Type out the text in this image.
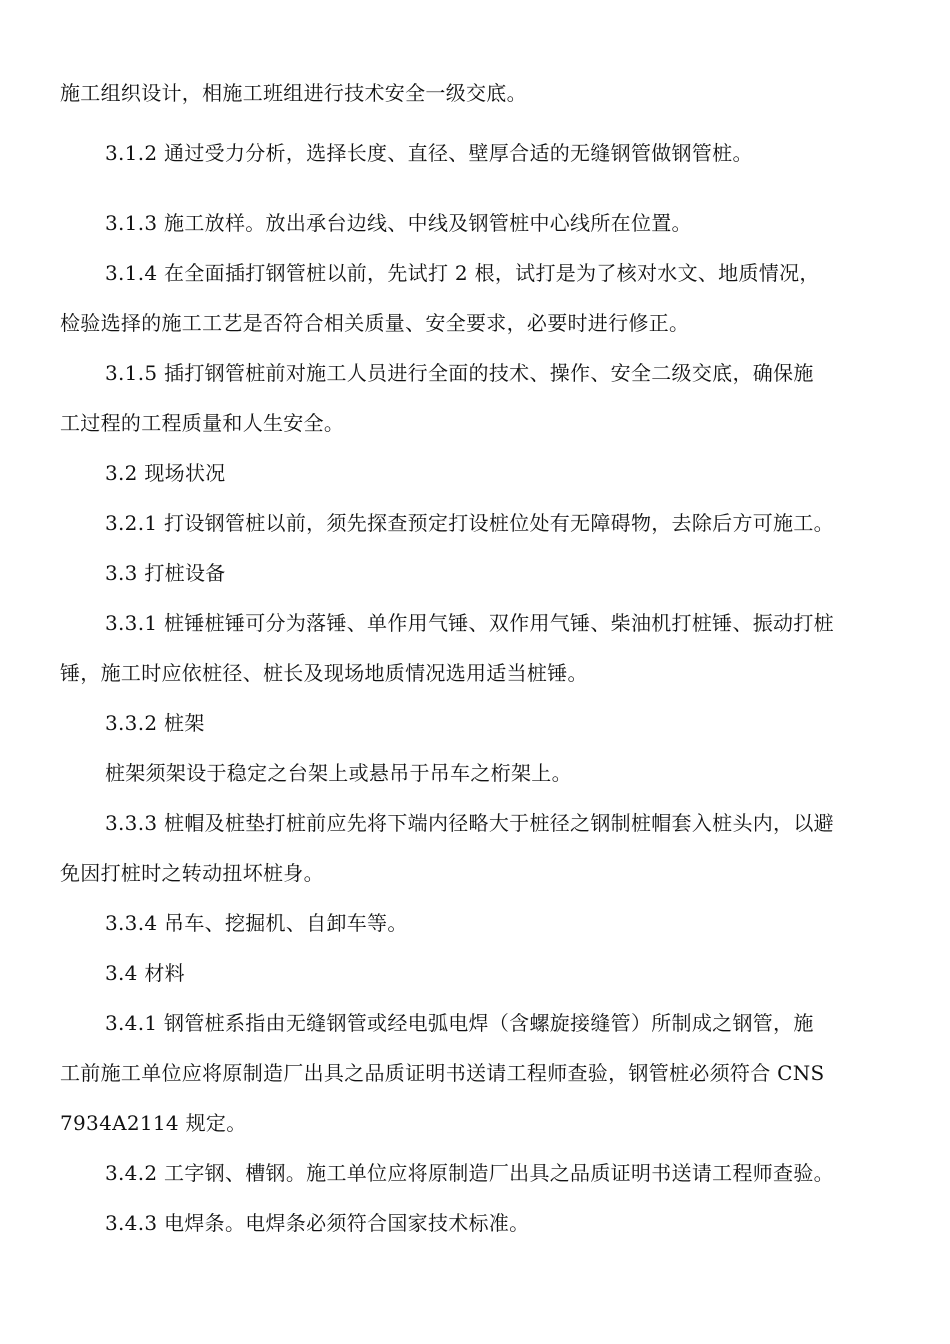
施工组织设计，相施工班组进行技术安全一级交底。
3.1.2 通过受力分析，选择长度、直径、壁厚合适的无缝钢管做钢管桩。
3.1.3 施工放样。放出承台边线、中线及钢管桩中心线所在位置。
3.1.4 在全面插打钢管桩以前，先试打 2 根，试打是为了核对水文、地质情况，
检验选择的施工工艺是否符合相关质量、安全要求，必要时进行修正。
3.1.5 插打钢管桩前对施工人员进行全面的技术、操作、安全二级交底，确保施
工过程的工程质量和人生安全。
3.2 现场状况
3.2.1 打设钢管桩以前，须先探查预定打设桩位处有无障碍物，去除后方可施工。
3.3 打桩设备
3.3.1 桩锤桩锤可分为落锤、单作用气锤、双作用气锤、柴油机打桩锤、振动打桩
锤，施工时应依桩径、桩长及现场地质情况选用适当桩锤。
3.3.2 桩架
桩架须架设于稳定之台架上或悬吊于吊车之桁架上。
3.3.3 桩帽及桩垫打桩前应先将下端内径略大于桩径之钢制桩帽套入桩头内，以避
免因打桩时之转动扭坏桩身。
3.3.4 吊车、挖掘机、自卸车等。
3.4 材料
3.4.1 钢管桩系指由无缝钢管或经电弧电焊（含螺旋接缝管）所制成之钢管，施
工前施工单位应将原制造厂出具之品质证明书送请工程师查验，钢管桩必须符合 CNS
7934A2114 规定。
3.4.2 工字钢、槽钢。施工单位应将原制造厂出具之品质证明书送请工程师查验。
3.4.3 电焊条。电焊条必须符合国家技术标准。
